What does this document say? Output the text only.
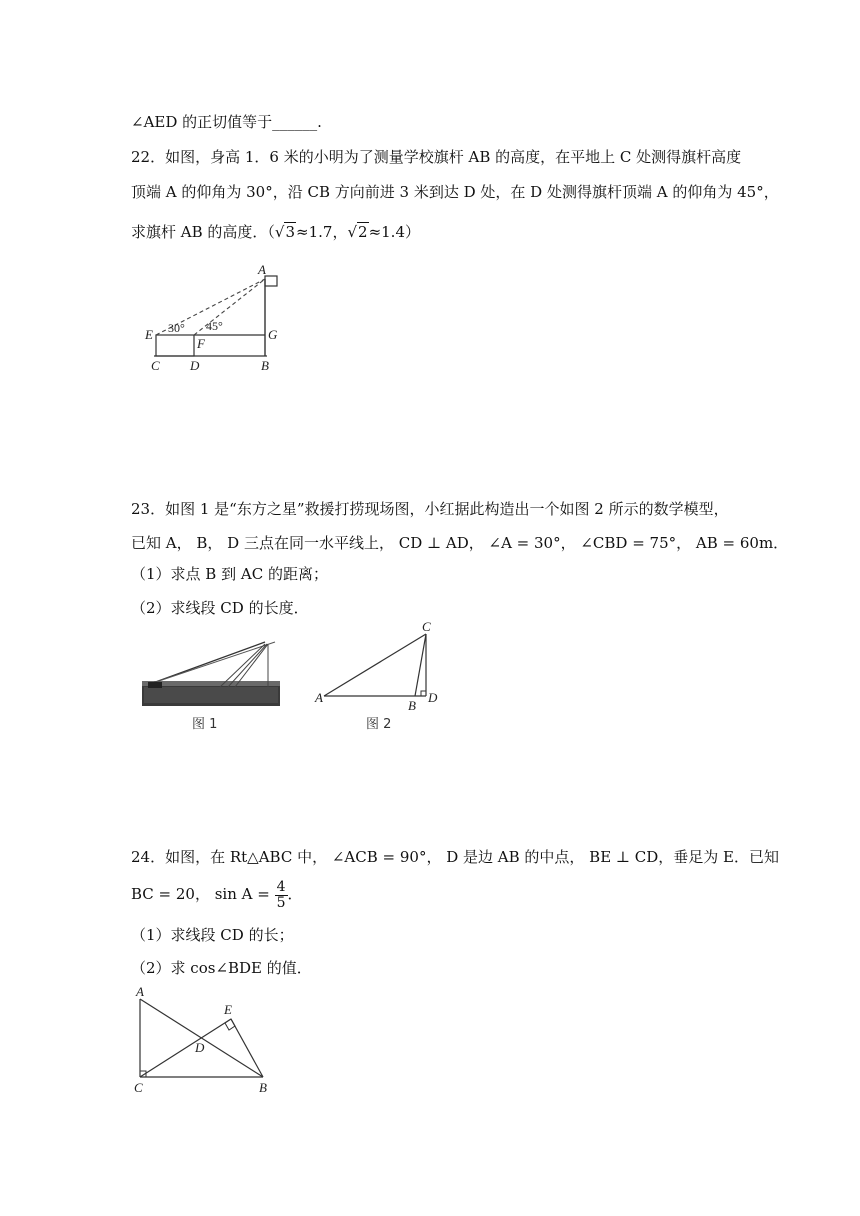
∠AED 的正切值等于______.
22．如图，身高 1．6 米的小明为了测量学校旗杆 AB 的高度，在平地上 C 处测得旗杆高度
顶端 A 的仰角为 30°，沿 CB 方向前进 3 米到达 D 处，在 D 处测得旗杆顶端 A 的仰角为 45°，
求旗杆 AB 的高度．（√3≈1.7，√2≈1.4）
A
E 30° 45°
G
F
C D	B
23．如图 1 是“东方之星”救援打捞现场图，小红据此构造出一个如图 2 所示的数学模型，
已知 A， B， D 三点在同一水平线上， CD ⊥ AD， ∠A = 30°， ∠CBD = 75°， AB = 60m．
（1）求点 B 到 AC 的距离；
（2）求线段 CD 的长度．
图 1
C
A
B
D
图 2
24．如图，在 Rt△ABC 中， ∠ACB = 90°， D 是边 AB 的中点， BE ⊥ CD，垂足为 E．已知
BC = 20， $\sin A = \frac{4}{5}$ ．
（1）求线段 CD 的长；
（2）求 cos∠BDE 的值．
A
E
D
C	B
